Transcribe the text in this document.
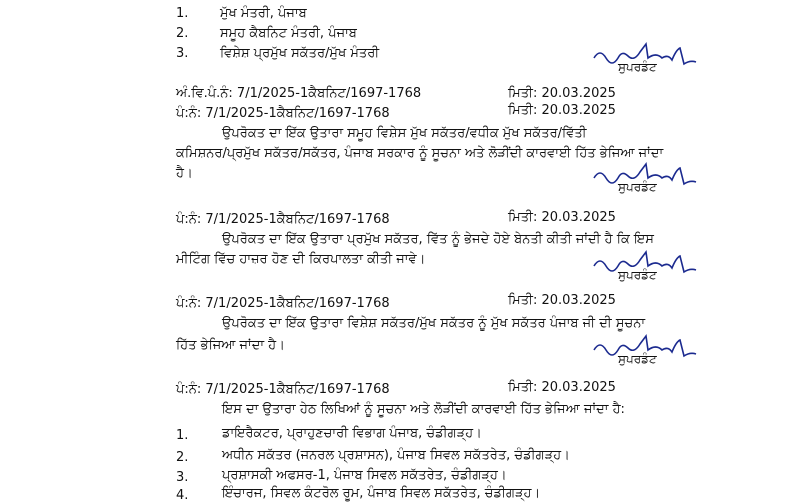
1. ਮੁੱਖ ਮੰਤਰੀ, ਪੰਜਾਬ
2. ਸਮੂਹ ਕੈਬਨਿਟ ਮੰਤਰੀ, ਪੰਜਾਬ
3. ਵਿਸ਼ੇਸ਼ ਪ੍ਰਮੁੱਖ ਸਕੱਤਰ/ਮੁੱਖ ਮੰਤਰੀ
ਸੁਪਰਡੰਟ
ਅੰ.ਵਿ.ਪੰ.ਨੰ: 7/1/2025-1ਕੈਬਨਿਟ/1697-1768	ਮਿਤੀ: 20.03.2025
ਪੰ:ਨੰ: 7/1/2025-1ਕੈਬਨਿਟ/1697-1768	ਮਿਤੀ: 20.03.2025
ਉਪਰੋਕਤ ਦਾ ਇੱਕ ਉਤਾਰਾ ਸਮੂਹ ਵਿਸ਼ੇਸ ਮੁੱਖ ਸਕੱਤਰ/ਵਧੀਕ ਮੁੱਖ ਸਕੱਤਰ/ਵਿੱਤੀ
ਕਮਿਸ਼ਨਰ/ਪ੍ਰਮੁੱਖ ਸਕੱਤਰ/ਸਕੱਤਰ, ਪੰਜਾਬ ਸਰਕਾਰ ਨੂੰ ਸੂਚਨਾ ਅਤੇ ਲੋੜੀਂਦੀ ਕਾਰਵਾਈ ਹਿੱਤ ਭੇਜਿਆ ਜਾਂਦਾ
ਹੈ।
ਸੁਪਰਡੰਟ
ਪੰ:ਨੰ: 7/1/2025-1ਕੈਬਨਿਟ/1697-1768	ਮਿਤੀ: 20.03.2025
ਉਪਰੋਕਤ ਦਾ ਇੱਕ ਉਤਾਰਾ ਪ੍ਰਮੁੱਖ ਸਕੱਤਰ, ਵਿੱਤ ਨੂੰ ਭੇਜਦੇ ਹੋਏ ਬੇਨਤੀ ਕੀਤੀ ਜਾਂਦੀ ਹੈ ਕਿ ਇਸ
ਮੀਟਿੰਗ ਵਿੱਚ ਹਾਜ਼ਰ ਹੋਣ ਦੀ ਕਿਰਪਾਲਤਾ ਕੀਤੀ ਜਾਵੇ।
ਸੁਪਰਡੰਟ
ਪੰ:ਨੰ: 7/1/2025-1ਕੈਬਨਿਟ/1697-1768	ਮਿਤੀ: 20.03.2025
ਉਪਰੋਕਤ ਦਾ ਇੱਕ ਉਤਾਰਾ ਵਿਸ਼ੇਸ਼ ਸਕੱਤਰ/ਮੁੱਖ ਸਕੱਤਰ ਨੂੰ ਮੁੱਖ ਸਕੱਤਰ ਪੰਜਾਬ ਜੀ ਦੀ ਸੂਚਨਾ
ਹਿੱਤ ਭੇਜਿਆ ਜਾਂਦਾ ਹੈ।
ਸੁਪਰਡੰਟ
ਪੰ:ਨੰ: 7/1/2025-1ਕੈਬਨਿਟ/1697-1768	ਮਿਤੀ: 20.03.2025
ਇਸ ਦਾ ਉਤਾਰਾ ਹੇਠ ਲਿਖਿਆਂ ਨੂੰ ਸੂਚਨਾ ਅਤੇ ਲੋੜੀਂਦੀ ਕਾਰਵਾਈ ਹਿੱਤ ਭੇਜਿਆ ਜਾਂਦਾ ਹੈ:
1.	ਡਾਇਰੈਕਟਰ, ਪ੍ਰਾਹੁਣਚਾਰੀ ਵਿਭਾਗ ਪੰਜਾਬ, ਚੰਡੀਗੜ੍ਹ।
2.	ਅਧੀਨ ਸਕੱਤਰ (ਜਨਰਲ ਪ੍ਰਸ਼ਾਸਨ), ਪੰਜਾਬ ਸਿਵਲ ਸਕੱਤਰੇਤ, ਚੰਡੀਗੜ੍ਹ।
3.	ਪ੍ਰਸ਼ਾਸਕੀ ਅਫਸਰ-1, ਪੰਜਾਬ ਸਿਵਲ ਸਕੱਤਰੇਤ, ਚੰਡੀਗੜ੍ਹ।
4.	ਇੰਚਾਰਜ, ਸਿਵਲ ਕੰਟਰੋਲ ਰੂਮ, ਪੰਜਾਬ ਸਿਵਲ ਸਕੱਤਰੇਤ, ਚੰਡੀਗੜ੍ਹ।
